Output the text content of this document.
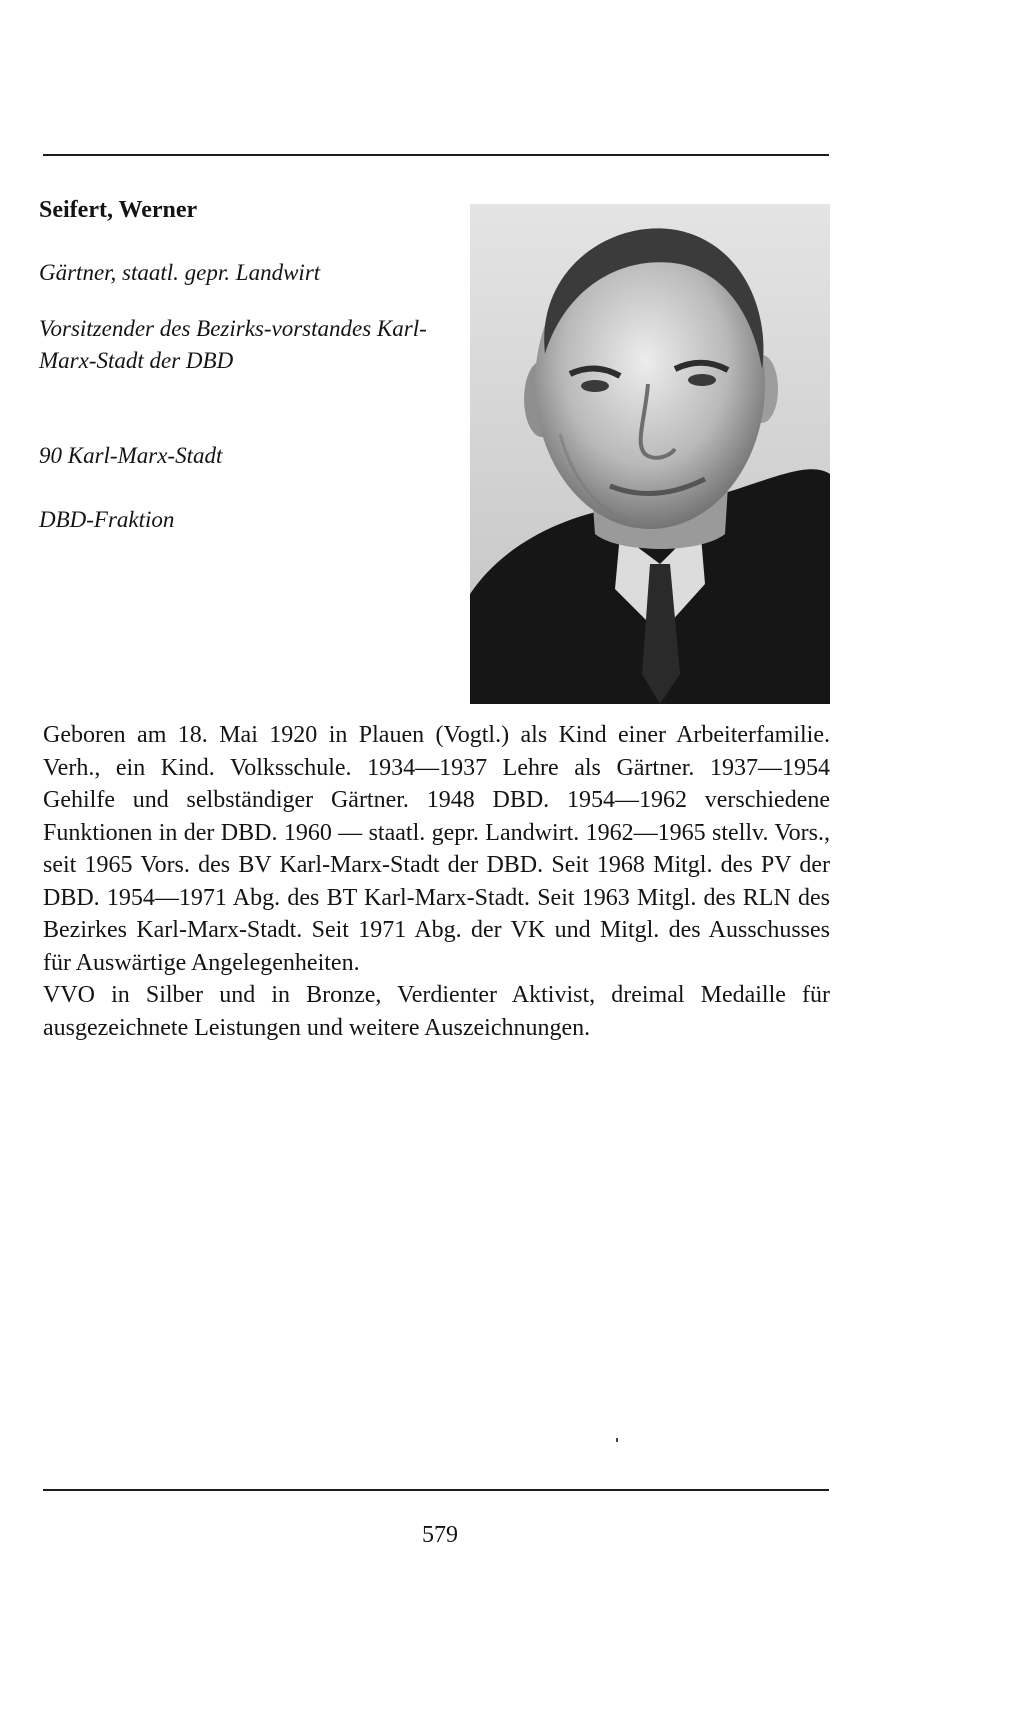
Seifert, Werner

Gärtner, staatl. gepr. Landwirt

Vorsitzender des Bezirks-vorstandes Karl-Marx-Stadt der DBD

90 Karl-Marx-Stadt

DBD-Fraktion

Geboren am 18. Mai 1920 in Plauen (Vogtl.) als Kind einer Arbeiterfamilie. Verh., ein Kind. Volksschule. 1934—1937 Lehre als Gärtner. 1937—1954 Gehilfe und selbständiger Gärtner. 1948 DBD. 1954—1962 verschiedene Funktionen in der DBD. 1960 — staatl. gepr. Landwirt. 1962—1965 stellv. Vors., seit 1965 Vors. des BV Karl-Marx-Stadt der DBD. Seit 1968 Mitgl. des PV der DBD. 1954—1971 Abg. des BT Karl-Marx-Stadt. Seit 1963 Mitgl. des RLN des Bezirkes Karl-Marx-Stadt. Seit 1971 Abg. der VK und Mitgl. des Ausschusses für Auswärtige Angelegenheiten.

VVO in Silber und in Bronze, Verdienter Aktivist, dreimal Medaille für ausgezeichnete Leistungen und weitere Auszeichnungen.

579
